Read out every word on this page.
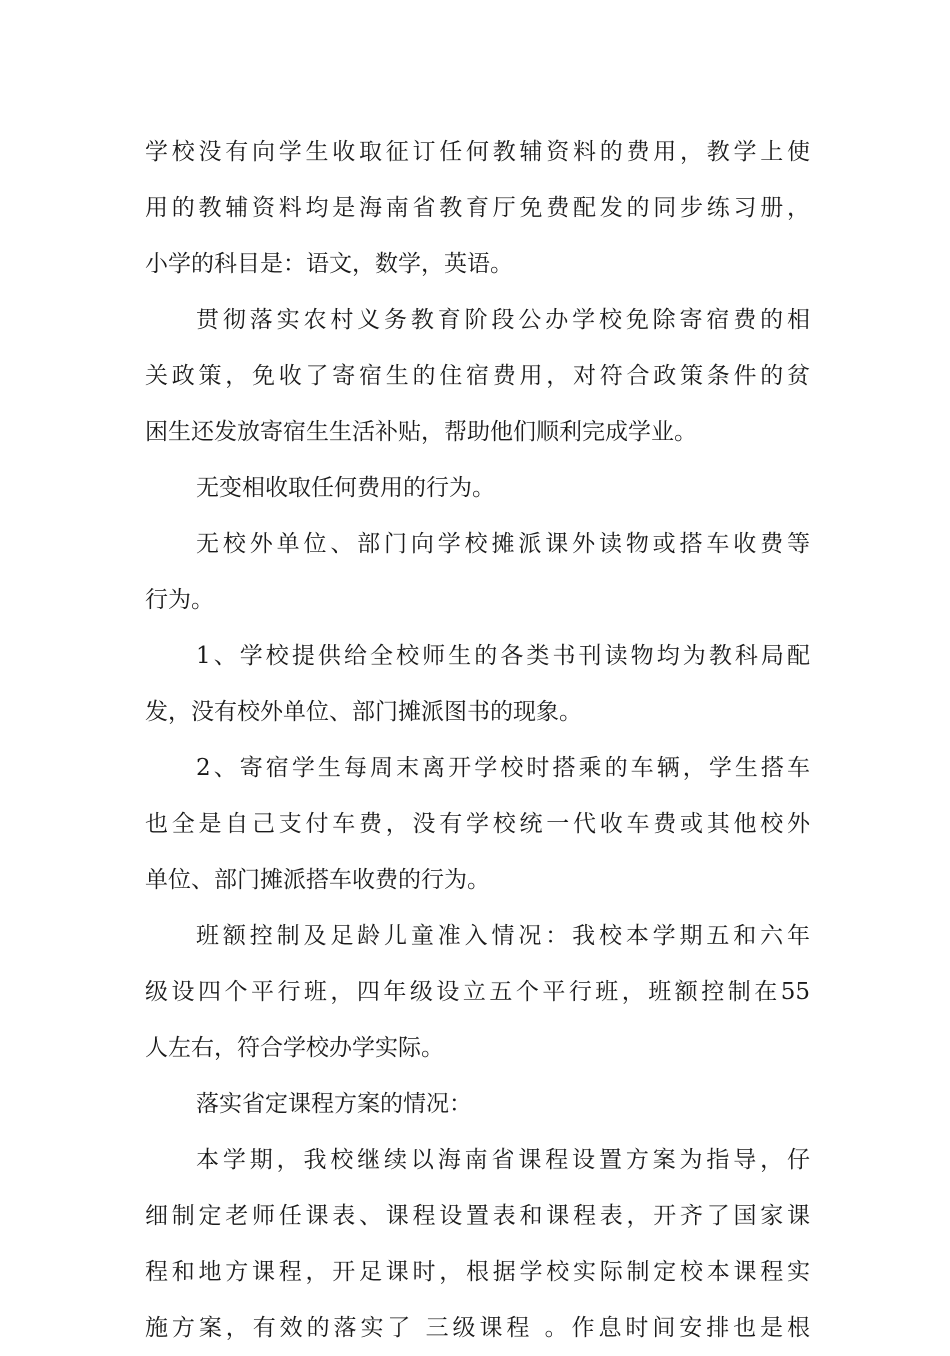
学校没有向学生收取征订任何教辅资料的费用，教学上使
用的教辅资料均是海南省教育厅免费配发的同步练习册，
小学的科目是：语文，数学，英语。
贯彻落实农村义务教育阶段公办学校免除寄宿费的相
关政策，免收了寄宿生的住宿费用，对符合政策条件的贫
困生还发放寄宿生生活补贴，帮助他们顺利完成学业。
无变相收取任何费用的行为。
无校外单位、部门向学校摊派课外读物或搭车收费等
行为。
1、学校提供给全校师生的各类书刊读物均为教科局配
发，没有校外单位、部门摊派图书的现象。
2、寄宿学生每周末离开学校时搭乘的车辆，学生搭车
也全是自己支付车费，没有学校统一代收车费或其他校外
单位、部门摊派搭车收费的行为。
班额控制及足龄儿童准入情况：我校本学期五和六年
级设四个平行班，四年级设立五个平行班，班额控制在55
人左右，符合学校办学实际。
落实省定课程方案的情况：
本学期，我校继续以海南省课程设置方案为指导，仔
细制定老师任课表、课程设置表和课程表，开齐了国家课
程和地方课程，开足课时，根据学校实际制定校本课程实
施方案，有效的落实了 三级课程 。作息时间安排也是根
